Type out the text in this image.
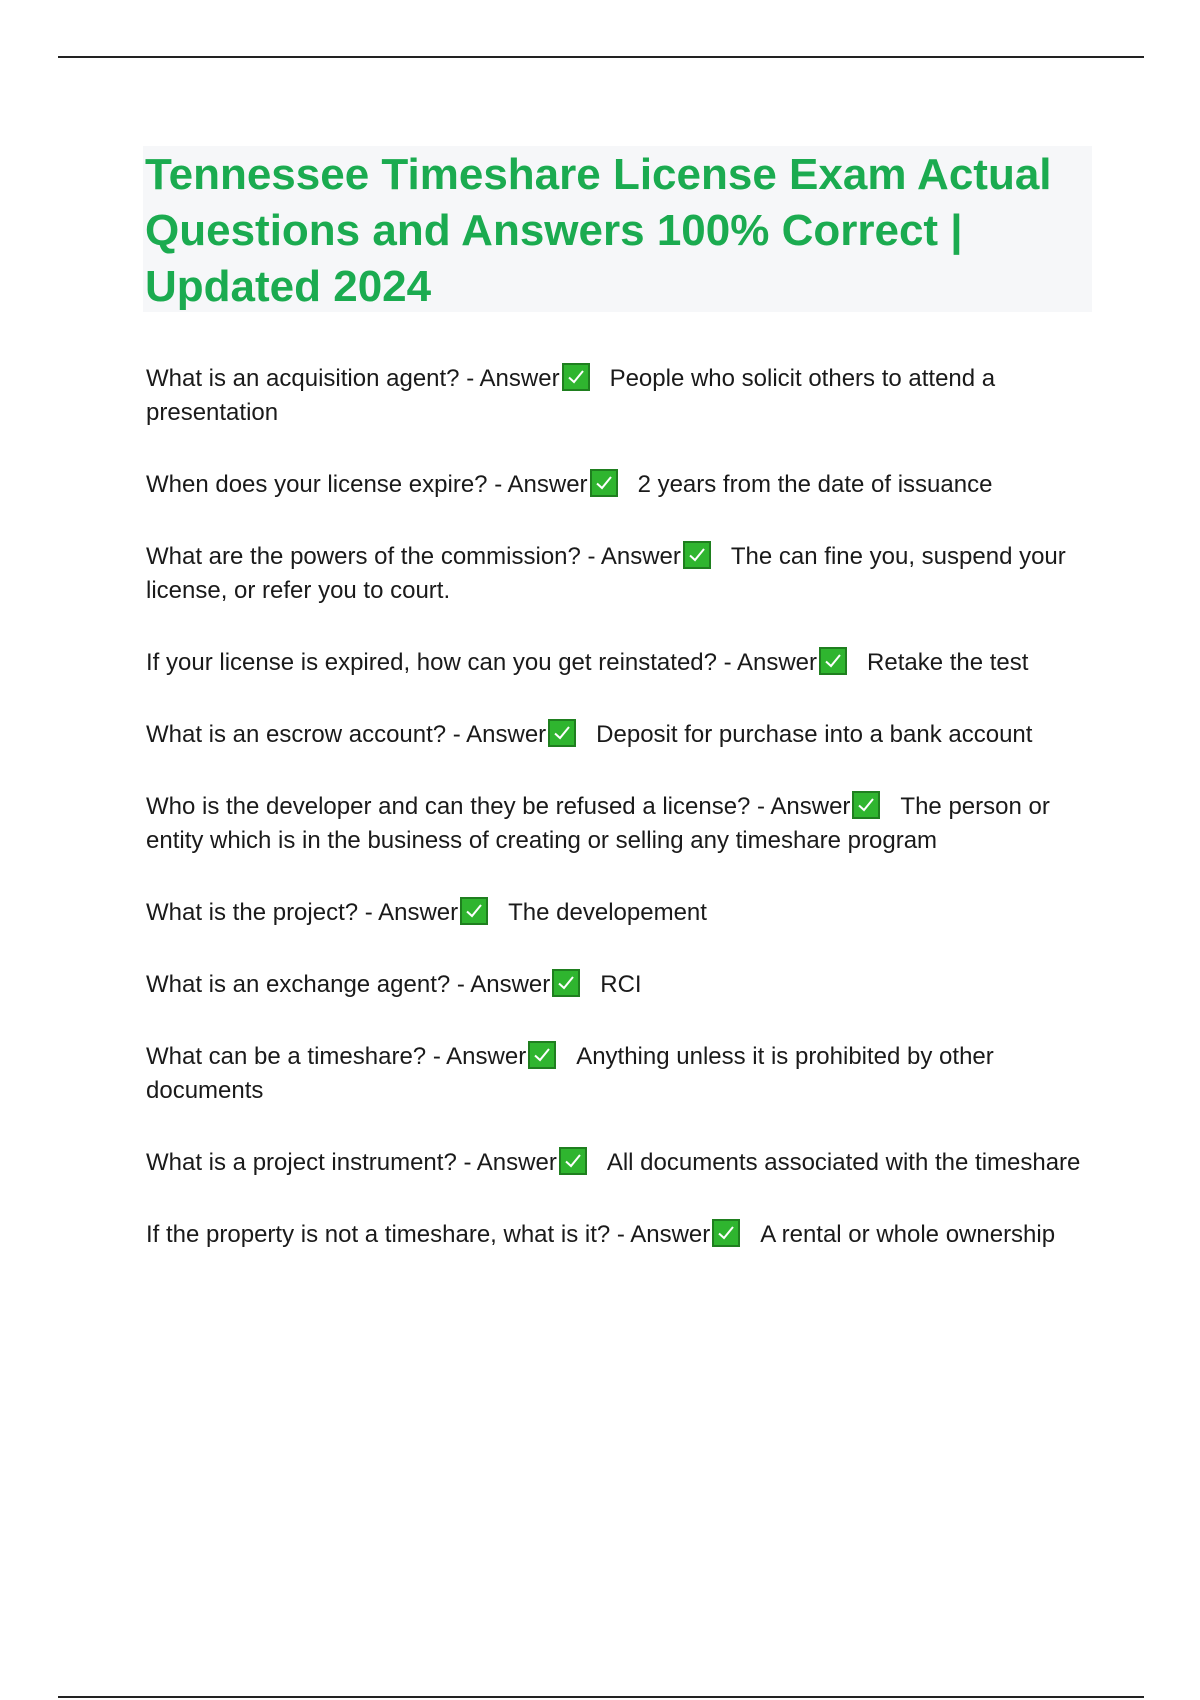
Tennessee Timeshare License Exam Actual Questions and Answers 100% Correct | Updated 2024

What is an acquisition agent? - Answer People who solicit others to attend a presentation

When does your license expire? - Answer 2 years from the date of issuance

What are the powers of the commission? - Answer The can fine you, suspend your license, or refer you to court.

If your license is expired, how can you get reinstated? - Answer Retake the test

What is an escrow account? - Answer Deposit for purchase into a bank account

Who is the developer and can they be refused a license? - Answer The person or entity which is in the business of creating or selling any timeshare program

What is the project? - Answer The developement

What is an exchange agent? - Answer RCI

What can be a timeshare? - Answer Anything unless it is prohibited by other documents

What is a project instrument? - Answer All documents associated with the timeshare

If the property is not a timeshare, what is it? - Answer A rental or whole ownership
